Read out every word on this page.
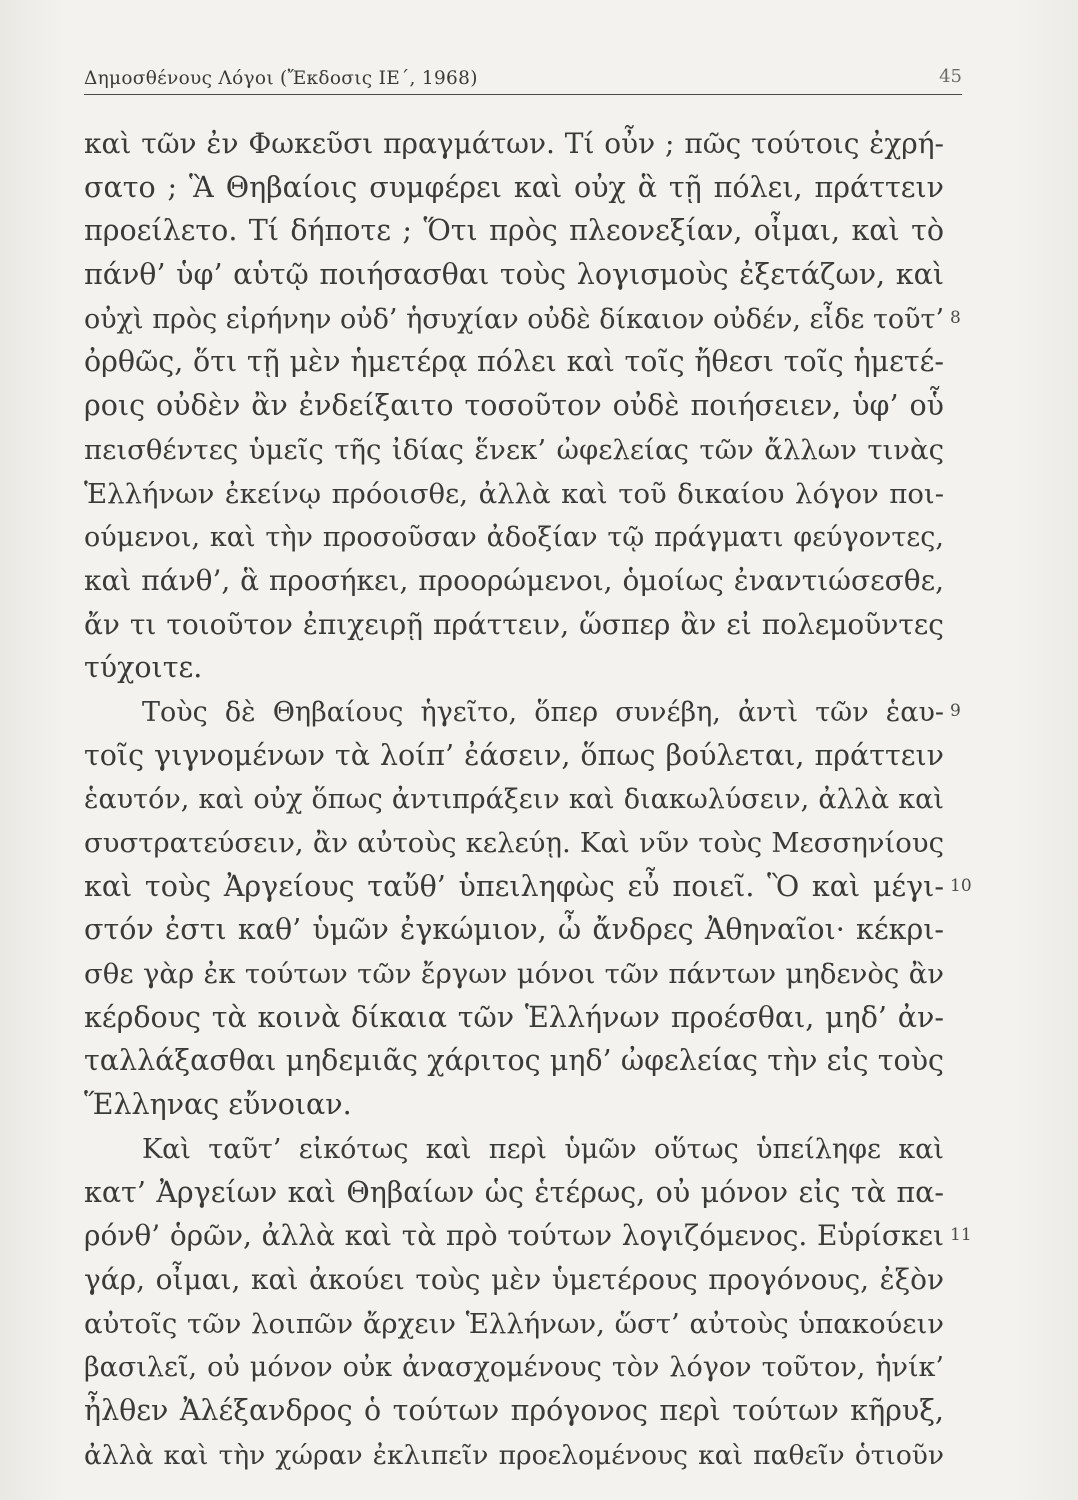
Δημοσθένους Λόγοι (Ἔκδοσις ΙΕ΄, 1968)	45
καὶ τῶν ἐν Φωκεῦσι πραγμάτων. Τί οὖν ; πῶς τούτοις ἐχρή-
σατο ; Ἃ Θηβαίοις συμφέρει καὶ οὐχ ἃ τῇ πόλει, πράττειν
προείλετο. Τί δήποτε ; Ὅτι πρὸς πλεονεξίαν, οἶμαι, καὶ τὸ
πάνθ’ ὑφ’ αὑτῷ ποιήσασθαι τοὺς λογισμοὺς ἐξετάζων, καὶ
οὐχὶ πρὸς εἰρήνην οὐδ’ ἡσυχίαν οὐδὲ δίκαιον οὐδέν, εἶδε τοῦτ’ 8
ὀρθῶς, ὅτι τῇ μὲν ἡμετέρᾳ πόλει καὶ τοῖς ἤθεσι τοῖς ἡμετέ-
ροις οὐδὲν ἂν ἐνδείξαιτο τοσοῦτον οὐδὲ ποιήσειεν, ὑφ’ οὗ
πεισθέντες ὑμεῖς τῆς ἰδίας ἕνεκ’ ὠφελείας τῶν ἄλλων τινὰς
Ἑλλήνων ἐκείνῳ πρόοισθε, ἀλλὰ καὶ τοῦ δικαίου λόγον ποι-
ούμενοι, καὶ τὴν προσοῦσαν ἀδοξίαν τῷ πράγματι φεύγοντες,
καὶ πάνθ’, ἃ προσήκει, προορώμενοι, ὁμοίως ἐναντιώσεσθε,
ἄν τι τοιοῦτον ἐπιχειρῇ πράττειν, ὥσπερ ἂν εἰ πολεμοῦντες
τύχοιτε.
Τοὺς δὲ Θηβαίους ἡγεῖτο, ὅπερ συνέβη, ἀντὶ τῶν ἑαυ- 9
τοῖς γιγνομένων τὰ λοίπ’ ἐάσειν, ὅπως βούλεται, πράττειν
ἑαυτόν, καὶ οὐχ ὅπως ἀντιπράξειν καὶ διακωλύσειν, ἀλλὰ καὶ
συστρατεύσειν, ἂν αὐτοὺς κελεύῃ. Καὶ νῦν τοὺς Μεσσηνίους
καὶ τοὺς Ἀργείους ταὔθ’ ὑπειληφὼς εὖ ποιεῖ. Ὃ καὶ μέγι- 10
στόν ἐστι καθ’ ὑμῶν ἐγκώμιον, ὦ ἄνδρες Ἀθηναῖοι· κέκρι-
σθε γὰρ ἐκ τούτων τῶν ἔργων μόνοι τῶν πάντων μηδενὸς ἂν
κέρδους τὰ κοινὰ δίκαια τῶν Ἑλλήνων προέσθαι, μηδ’ ἀν-
ταλλάξασθαι μηδεμιᾶς χάριτος μηδ’ ὠφελείας τὴν εἰς τοὺς
Ἕλληνας εὔνοιαν.
Καὶ ταῦτ’ εἰκότως καὶ περὶ ὑμῶν οὕτως ὑπείληφε καὶ
κατ’ Ἀργείων καὶ Θηβαίων ὡς ἑτέρως, οὐ μόνον εἰς τὰ πα-
ρόνθ’ ὁρῶν, ἀλλὰ καὶ τὰ πρὸ τούτων λογιζόμενος. Εὑρίσκει 11
γάρ, οἶμαι, καὶ ἀκούει τοὺς μὲν ὑμετέρους προγόνους, ἐξὸν
αὐτοῖς τῶν λοιπῶν ἄρχειν Ἑλλήνων, ὥστ’ αὐτοὺς ὑπακούειν
βασιλεῖ, οὐ μόνον οὐκ ἀνασχομένους τὸν λόγον τοῦτον, ἡνίκ’
ἦλθεν Ἀλέξανδρος ὁ τούτων πρόγονος περὶ τούτων κῆρυξ,
ἀλλὰ καὶ τὴν χώραν ἐκλιπεῖν προελομένους καὶ παθεῖν ὁτιοῦν
